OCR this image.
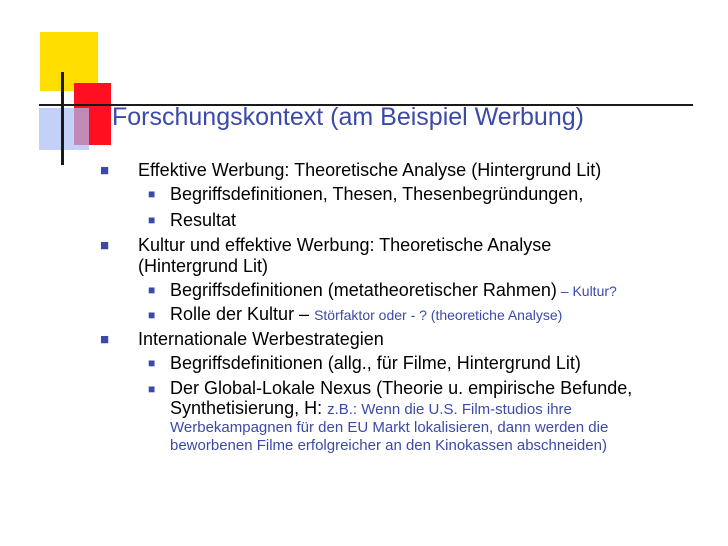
Forschungskontext (am Beispiel Werbung)
■ Effektive Werbung: Theoretische Analyse (Hintergrund Lit)
■ Begriffsdefinitionen, Thesen, Thesenbegründungen,
■ Resultat
■ Kultur und effektive Werbung: Theoretische Analyse
(Hintergrund Lit)
■ Begriffsdefinitionen (metatheoretischer Rahmen) – Kultur?
■ Rolle der Kultur – Störfaktor oder - ? (theoretiche Analyse)
■ Internationale Werbestrategien
■ Begriffsdefinitionen (allg., für Filme, Hintergrund Lit)
■ Der Global-Lokale Nexus (Theorie u. empirische Befunde,
Synthetisierung, H: z.B.: Wenn die U.S. Film-studios ihre
Werbekampagnen für den EU Markt lokalisieren, dann werden die
beworbenen Filme erfolgreicher an den Kinokassen abschneiden)
